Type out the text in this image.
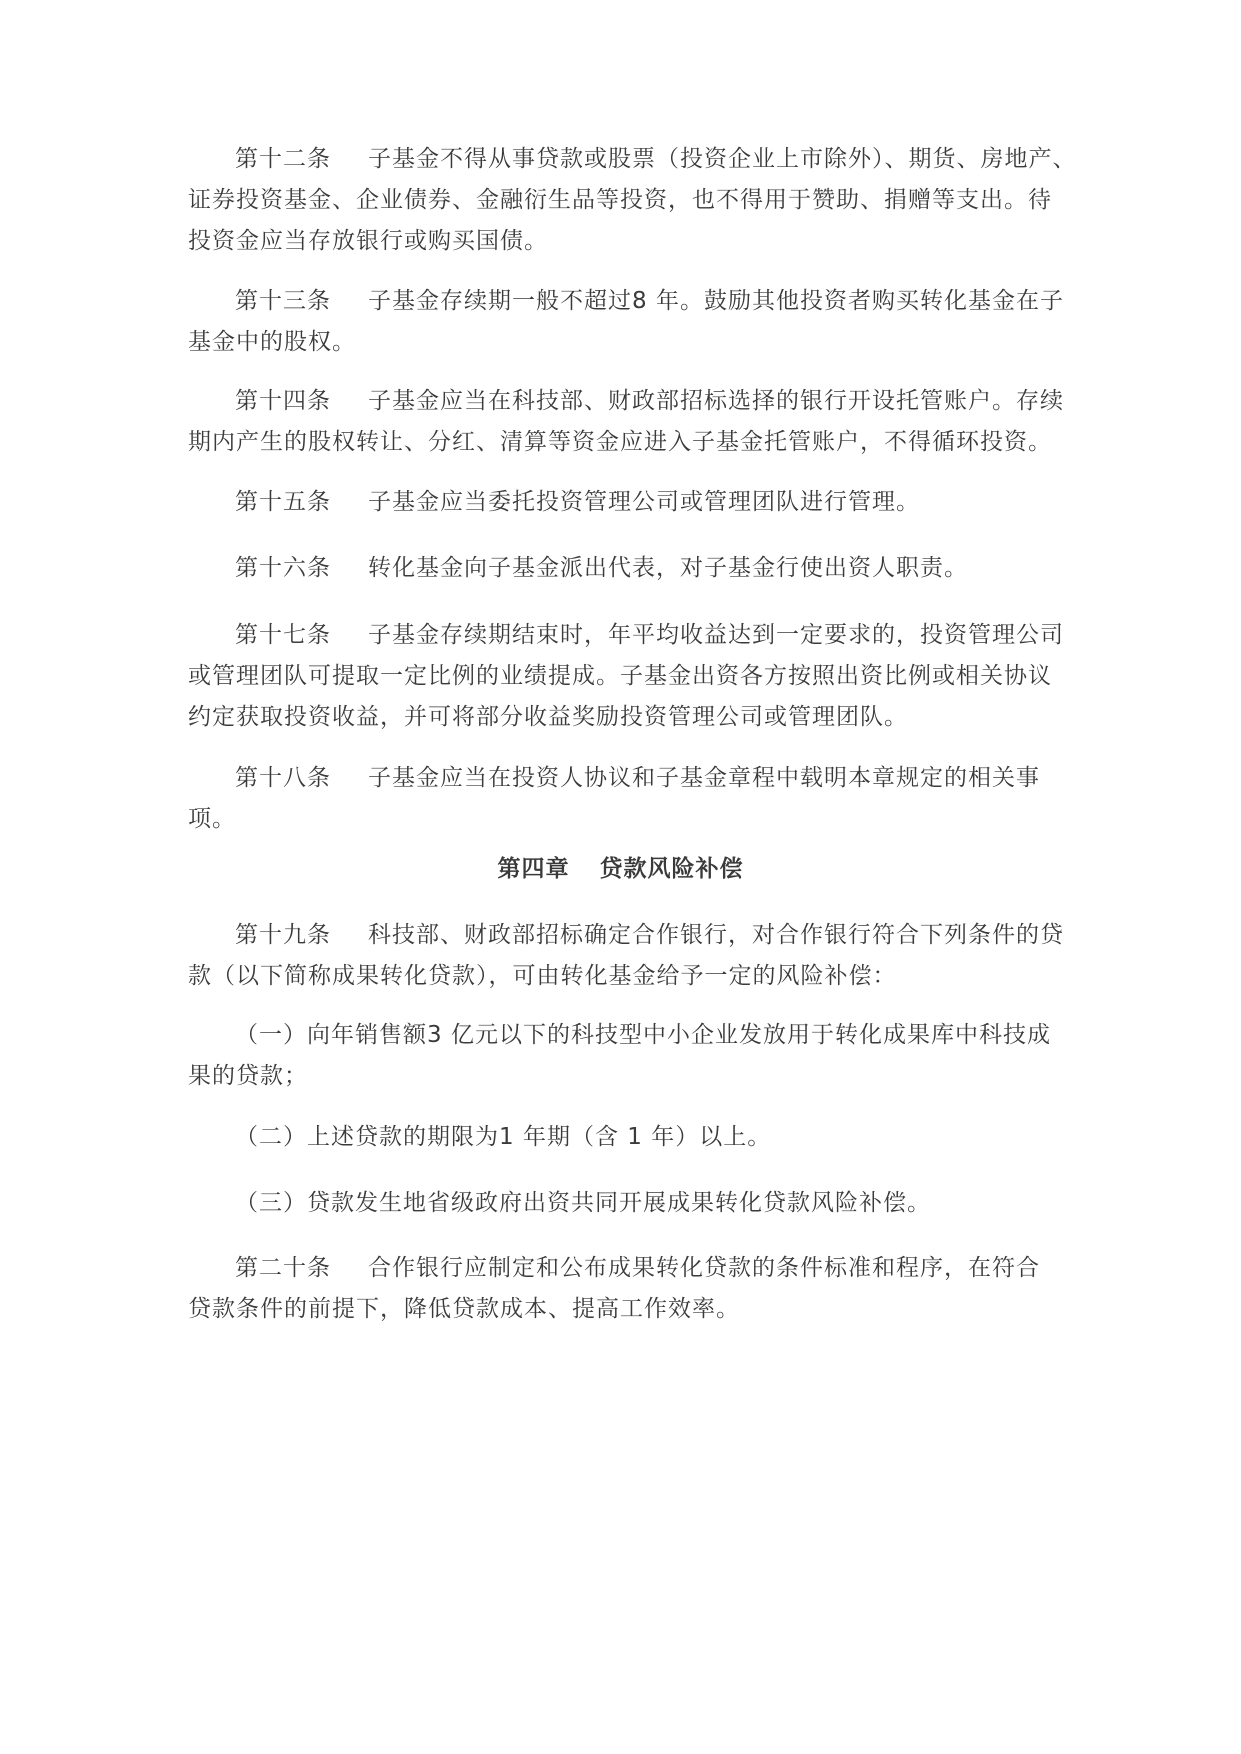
第十二条 子基金不得从事贷款或股票（投资企业上市除外）、期货、房地产、
证券投资基金、企业债券、金融衍生品等投资，也不得用于赞助、捐赠等支出。待
投资金应当存放银行或购买国债。
第十三条 子基金存续期一般不超过8 年。鼓励其他投资者购买转化基金在子
基金中的股权。
第十四条 子基金应当在科技部、财政部招标选择的银行开设托管账户。存续
期内产生的股权转让、分红、清算等资金应进入子基金托管账户，不得循环投资。
第十五条 子基金应当委托投资管理公司或管理团队进行管理。
第十六条 转化基金向子基金派出代表，对子基金行使出资人职责。
第十七条 子基金存续期结束时，年平均收益达到一定要求的，投资管理公司
或管理团队可提取一定比例的业绩提成。子基金出资各方按照出资比例或相关协议
约定获取投资收益，并可将部分收益奖励投资管理公司或管理团队。
第十八条 子基金应当在投资人协议和子基金章程中载明本章规定的相关事
项。
第四章 贷款风险补偿
第十九条 科技部、财政部招标确定合作银行，对合作银行符合下列条件的贷
款（以下简称成果转化贷款），可由转化基金给予一定的风险补偿：
（一）向年销售额3 亿元以下的科技型中小企业发放用于转化成果库中科技成
果的贷款；
（二）上述贷款的期限为1 年期（含 1 年）以上。
（三）贷款发生地省级政府出资共同开展成果转化贷款风险补偿。
第二十条 合作银行应制定和公布成果转化贷款的条件标准和程序，在符合
贷款条件的前提下，降低贷款成本、提高工作效率。
